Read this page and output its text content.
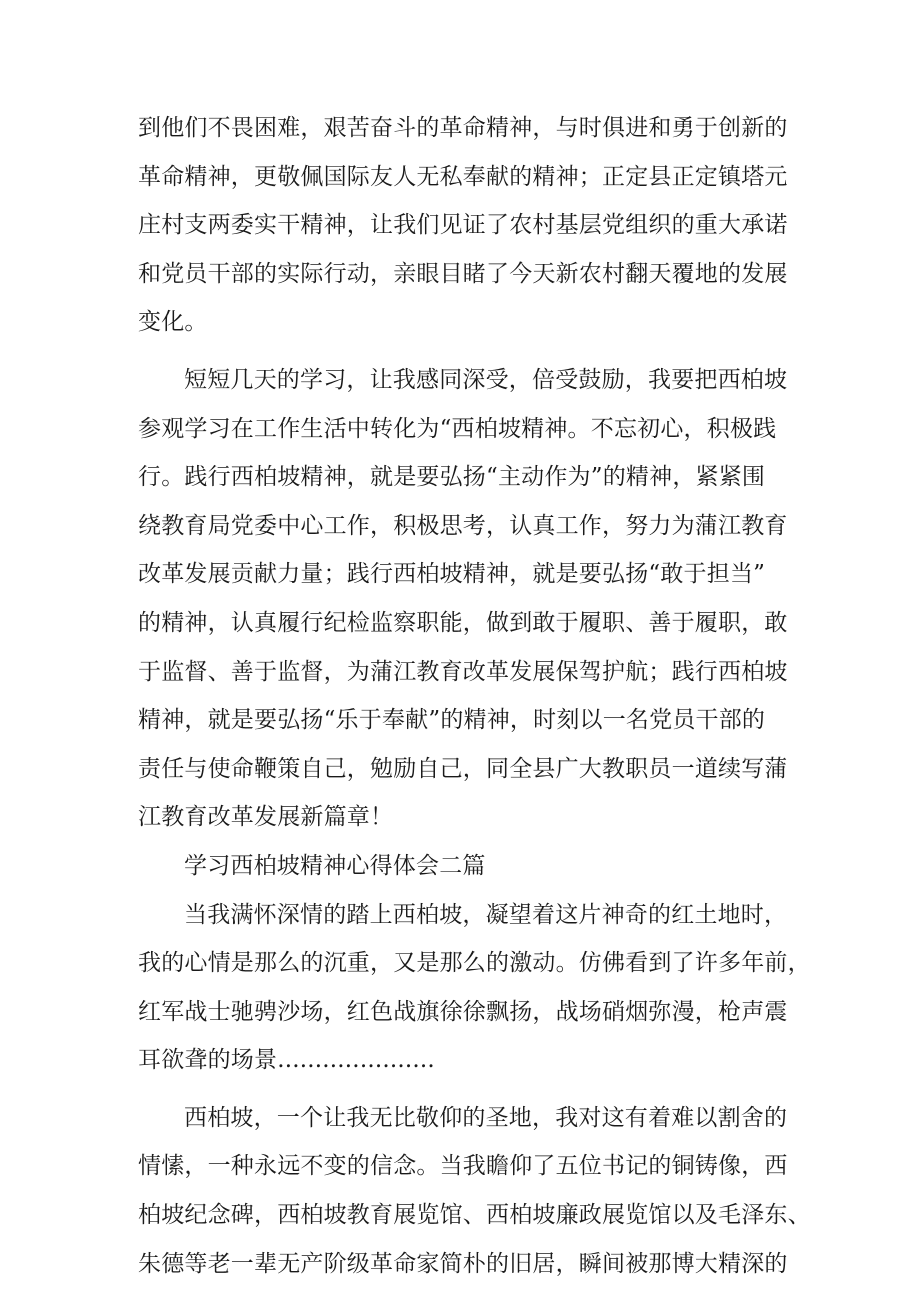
到他们不畏困难，艰苦奋斗的革命精神，与时俱进和勇于创新的
革命精神，更敬佩国际友人无私奉献的精神；正定县正定镇塔元
庄村支两委实干精神，让我们见证了农村基层党组织的重大承诺
和党员干部的实际行动，亲眼目睹了今天新农村翻天覆地的发展
变化。
短短几天的学习，让我感同深受，倍受鼓励，我要把西柏坡
参观学习在工作生活中转化为“西柏坡精神。不忘初心，积极践
行。践行西柏坡精神，就是要弘扬“主动作为”的精神，紧紧围
绕教育局党委中心工作，积极思考，认真工作，努力为蒲江教育
改革发展贡献力量；践行西柏坡精神，就是要弘扬“敢于担当”
的精神，认真履行纪检监察职能，做到敢于履职、善于履职，敢
于监督、善于监督，为蒲江教育改革发展保驾护航；践行西柏坡
精神，就是要弘扬“乐于奉献”的精神，时刻以一名党员干部的
责任与使命鞭策自己，勉励自己，同全县广大教职员一道续写蒲
江教育改革发展新篇章！
学习西柏坡精神心得体会二篇
当我满怀深情的踏上西柏坡，凝望着这片神奇的红土地时，
我的心情是那么的沉重，又是那么的激动。仿佛看到了许多年前，
红军战士驰骋沙场，红色战旗徐徐飘扬，战场硝烟弥漫，枪声震
耳欲聋的场景.....................
西柏坡，一个让我无比敬仰的圣地，我对这有着难以割舍的
情愫，一种永远不变的信念。当我瞻仰了五位书记的铜铸像，西
柏坡纪念碑，西柏坡教育展览馆、西柏坡廉政展览馆以及毛泽东、
朱德等老一辈无产阶级革命家简朴的旧居，瞬间被那博大精深的
